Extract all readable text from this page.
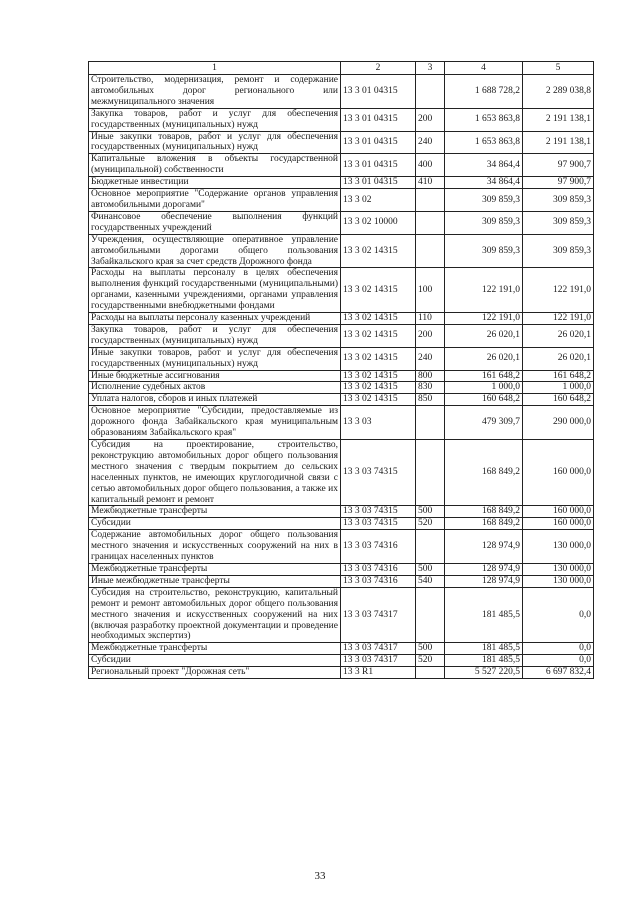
1	2	3	4	5
Строительство, модернизация, ремонт и содержание автомобильных дорог регионального или межмуниципального значения	13 3 01 04315		1 688 728,2	2 289 038,8
Закупка товаров, работ и услуг для обеспечения государственных (муниципальных) нужд	13 3 01 04315	200	1 653 863,8	2 191 138,1
Иные закупки товаров, работ и услуг для обеспечения государственных (муниципальных) нужд	13 3 01 04315	240	1 653 863,8	2 191 138,1
Капитальные вложения в объекты государственной (муниципальной) собственности	13 3 01 04315	400	34 864,4	97 900,7
Бюджетные инвестиции	13 3 01 04315	410	34 864,4	97 900,7
Основное мероприятие "Содержание органов управления автомобильными дорогами"	13 3 02		309 859,3	309 859,3
Финансовое обеспечение выполнения функций государственных учреждений	13 3 02 10000		309 859,3	309 859,3
Учреждения, осуществляющие оперативное управление автомобильными дорогами общего пользования Забайкальского края за счет средств Дорожного фонда	13 3 02 14315		309 859,3	309 859,3
Расходы на выплаты персоналу в целях обеспечения выполнения функций государственными (муниципальными) органами, казенными учреждениями, органами управления государственными внебюджетными фондами	13 3 02 14315	100	122 191,0	122 191,0
Расходы на выплаты персоналу казенных учреждений	13 3 02 14315	110	122 191,0	122 191,0
Закупка товаров, работ и услуг для обеспечения государственных (муниципальных) нужд	13 3 02 14315	200	26 020,1	26 020,1
Иные закупки товаров, работ и услуг для обеспечения государственных (муниципальных) нужд	13 3 02 14315	240	26 020,1	26 020,1
Иные бюджетные ассигнования	13 3 02 14315	800	161 648,2	161 648,2
Исполнение судебных актов	13 3 02 14315	830	1 000,0	1 000,0
Уплата налогов, сборов и иных платежей	13 3 02 14315	850	160 648,2	160 648,2
Основное мероприятие "Субсидии, предоставляемые из дорожного фонда Забайкальского края муниципальным образованиям Забайкальского края"	13 3 03		479 309,7	290 000,0
Субсидия на проектирование, строительство, реконструкцию автомобильных дорог общего пользования местного значения с твердым покрытием до сельских населенных пунктов, не имеющих круглогодичной связи с сетью автомобильных дорог общего пользования, а также их капитальный ремонт и ремонт	13 3 03 74315		168 849,2	160 000,0
Межбюджетные трансферты	13 3 03 74315	500	168 849,2	160 000,0
Субсидии	13 3 03 74315	520	168 849,2	160 000,0
Содержание автомобильных дорог общего пользования местного значения и искусственных сооружений на них в границах населенных пунктов	13 3 03 74316		128 974,9	130 000,0
Межбюджетные трансферты	13 3 03 74316	500	128 974,9	130 000,0
Иные межбюджетные трансферты	13 3 03 74316	540	128 974,9	130 000,0
Субсидия на строительство, реконструкцию, капитальный ремонт и ремонт автомобильных дорог общего пользования местного значения и искусственных сооружений на них (включая разработку проектной документации и проведение необходимых экспертиз)	13 3 03 74317		181 485,5	0,0
Межбюджетные трансферты	13 3 03 74317	500	181 485,5	0,0
Субсидии	13 3 03 74317	520	181 485,5	0,0
Региональный проект "Дорожная сеть"	13 3 R1		5 527 220,5	6 697 832,4
33
